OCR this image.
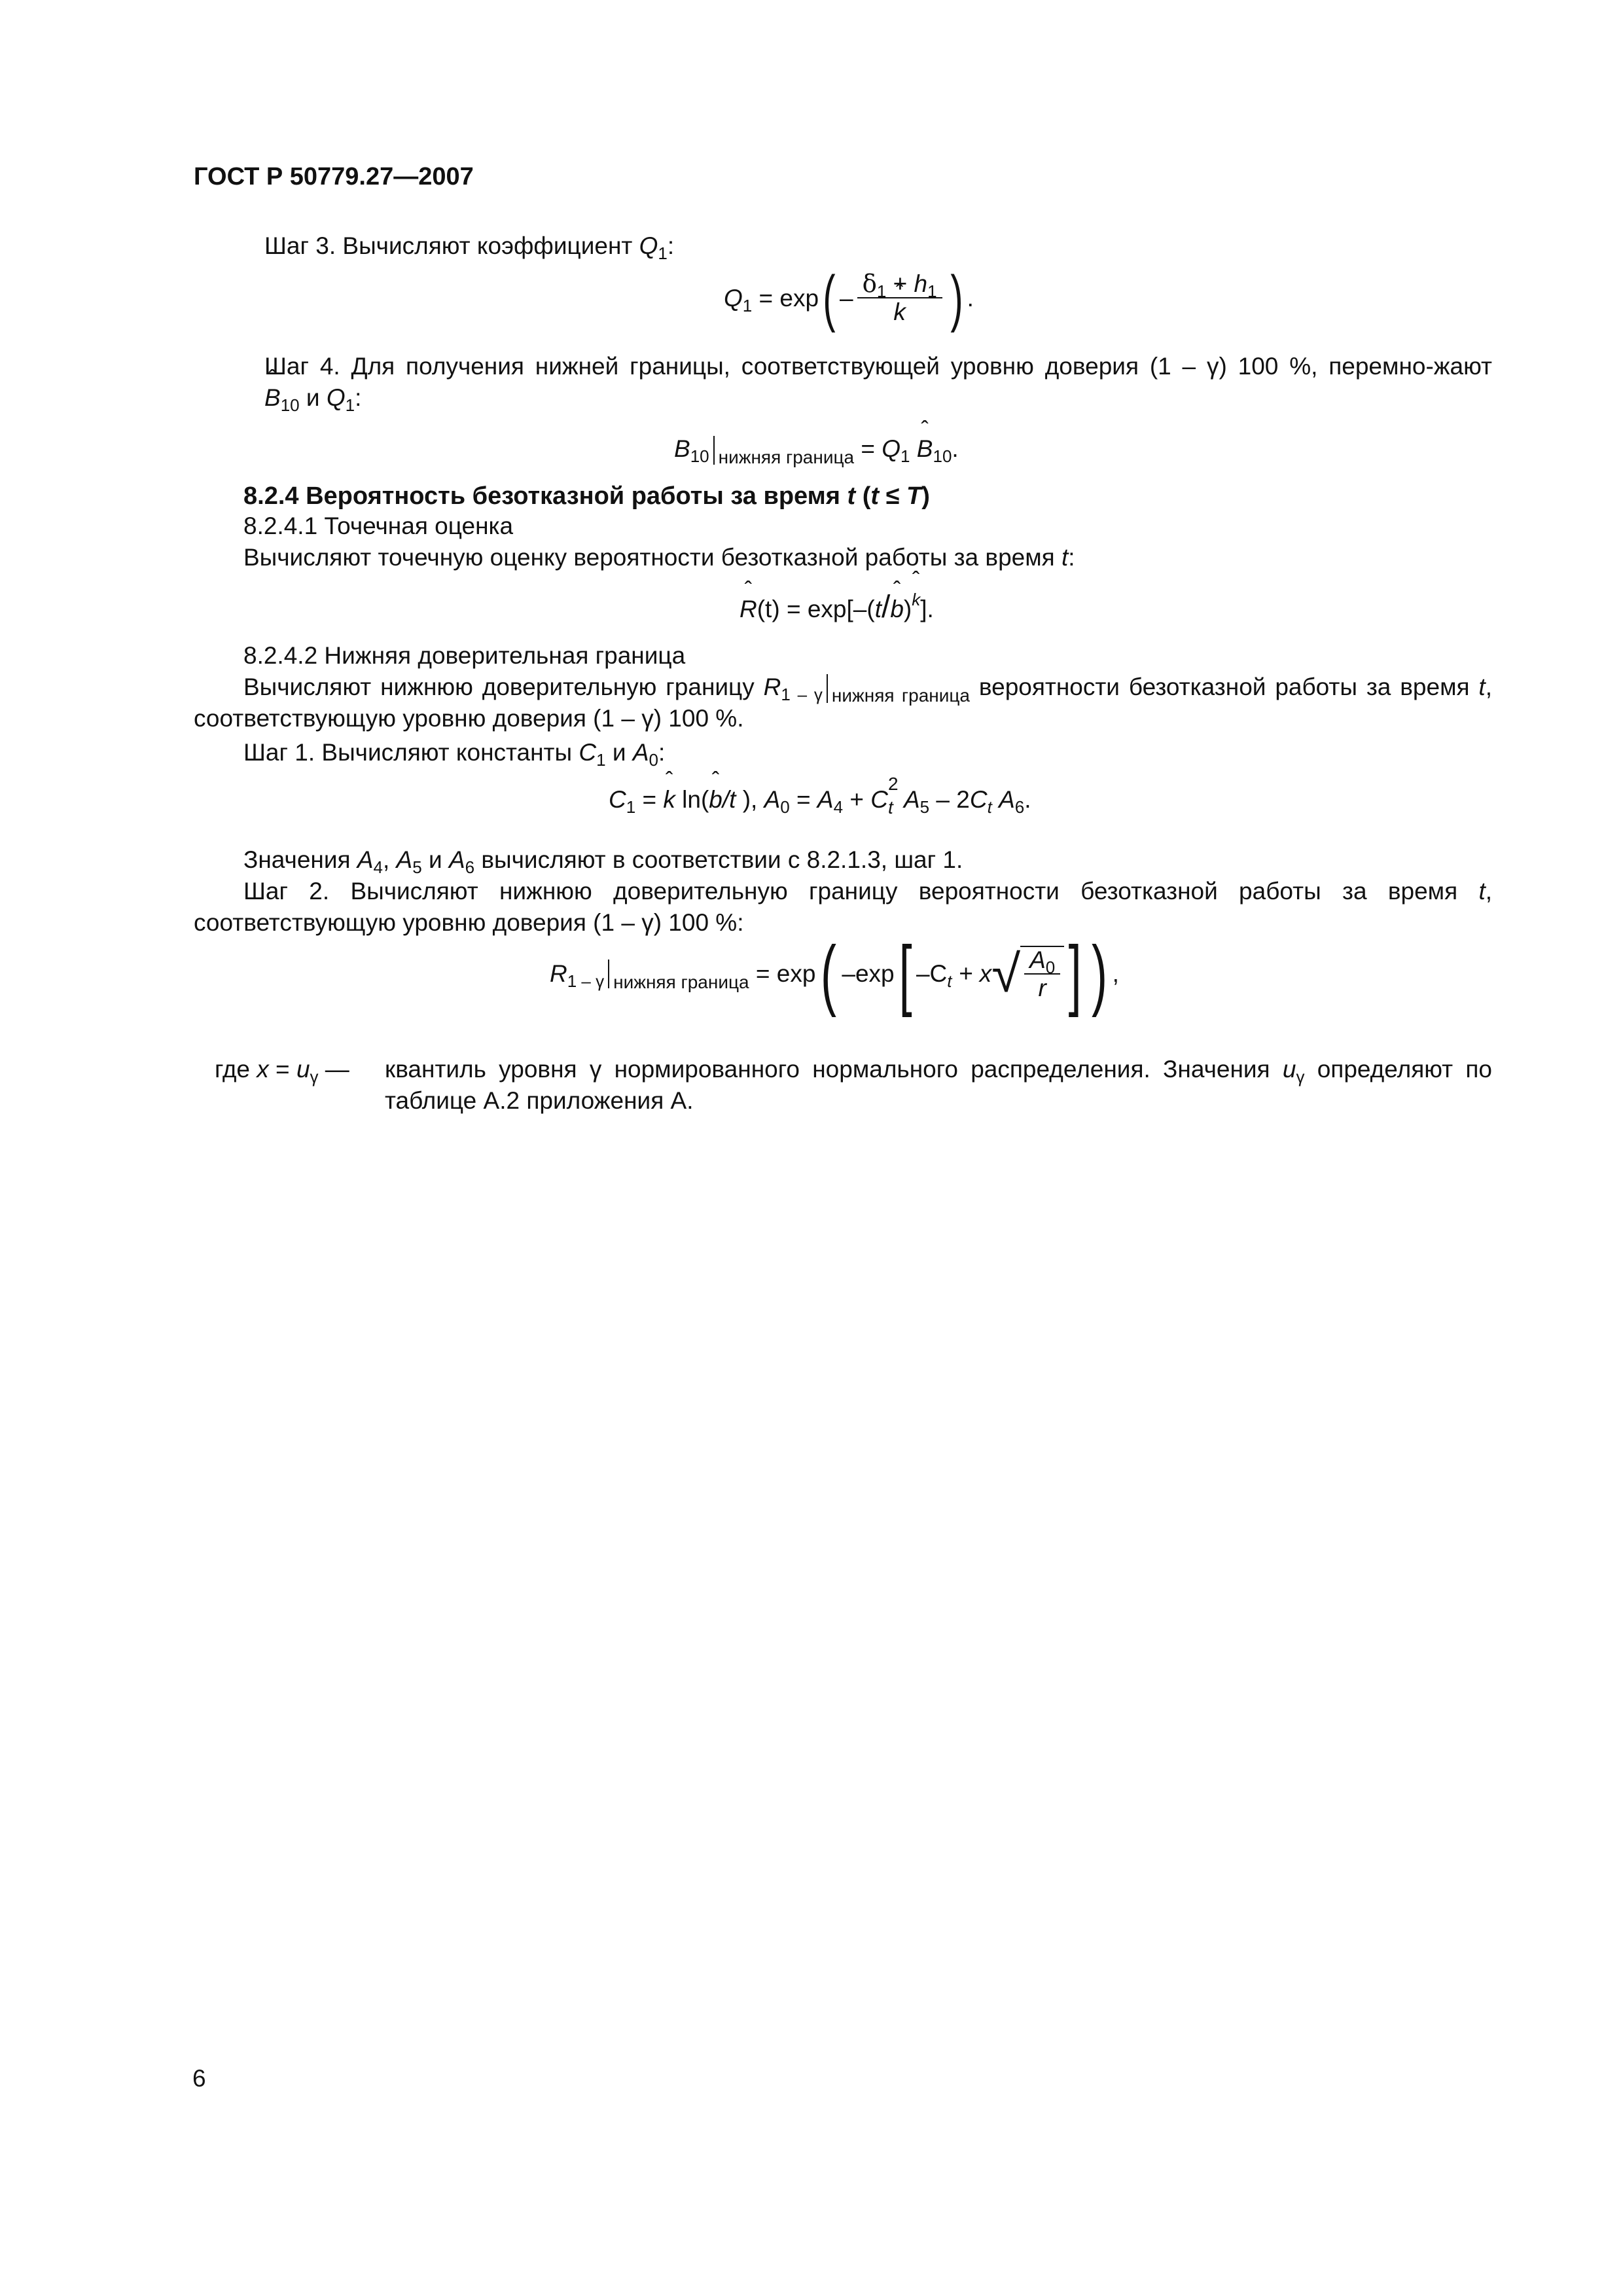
ГОСТ Р 50779.27—2007
Шаг 3. Вычисляют коэффициент $Q_1$:
$Q_1 = \exp( - \delta_1 + h_1$
ˆ k ) .
Шаг 4. Для получения нижней границы, соответствующей уровню доверия (1 – γ) 100 %, перемно-жают ˆ $B_{10}$ и $Q_1$:
$B_{10}$ $_{нижняя граница} = Q_1$ ˆ $B_{10}$.
8.2.4 Вероятность безотказной работы за время t (t ≤ T)
8.2.4.1 Точечная оценка
Вычисляют точечную оценку вероятности безотказной работы за время t:
ˆ R(t) = exp[–(t/ˆ b)$^k$].
8.2.4.2 Нижняя доверительная граница
Вычисляют нижнюю доверительную границу $R_{1 - \gamma}$ $_{нижняя граница}$ вероятности безотказной работы за время t, соответствующую уровню доверия (1 – γ) 100 %.
Шаг 1. Вычисляют константы $C_1$ и $A_0$:
$C_1$ = ˆ k ln(ˆ b/t ), $A_0 = A_4 + C$
2
t $A_5 - 2C_t$ $A_6$.
Значения $A_4$, $A_5$ и $A_6$ вычисляют в соответствии с 8.2.1.3, шаг 1.
Шаг 2. Вычисляют нижнюю доверительную границу вероятности безотказной работы за время t, соответствующую уровню доверия (1 – γ) 100 %:
$R_{1 - \gamma}$ $_{нижняя граница}$ = exp( –exp[ $-C_t + x√ \frac{A_0}{r}$ ] ) ,
где $x = u_\gamma$ — квантиль уровня γ нормированного нормального распределения. Значения $u_\gamma$ определяют по таблице А.2 приложения А.
6
